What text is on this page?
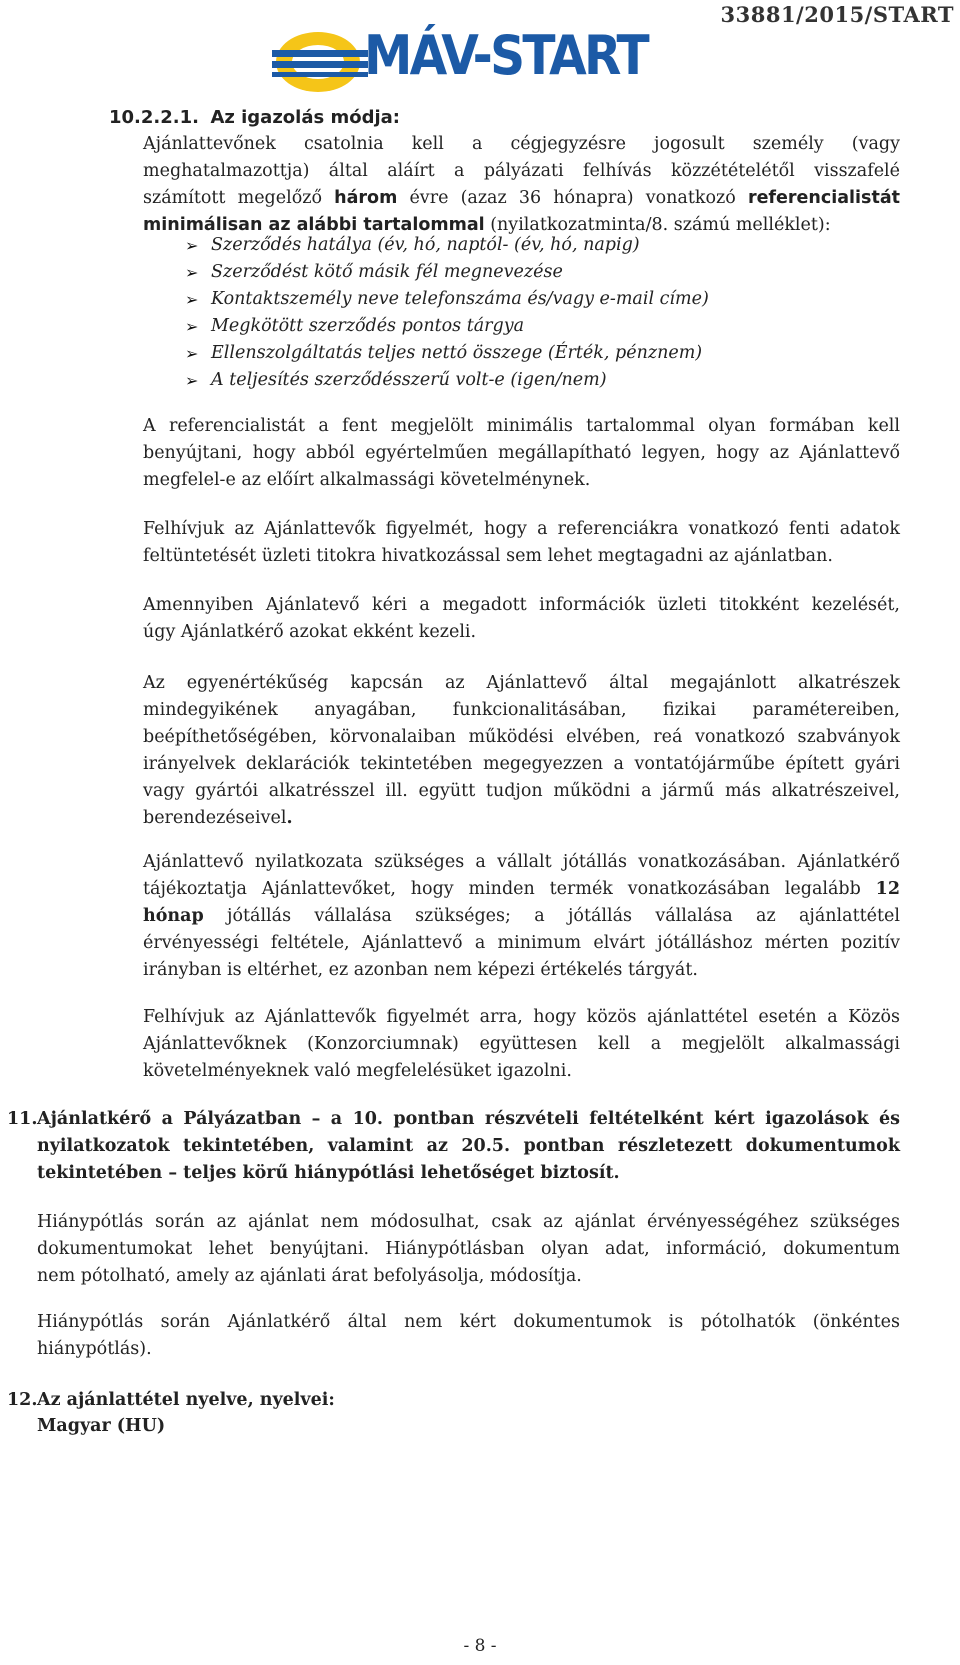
33881/2015/START
MÁV-START
10.2.2.1. Az igazolás módja:
Ajánlattevőnek csatolnia kell a cégjegyzésre jogosult személy (vagy
meghatalmazottja) által aláírt a pályázati felhívás közzétételétől visszafelé
számított megelőző három évre (azaz 36 hónapra) vonatkozó referencialistát
minimálisan az alábbi tartalommal (nyilatkozatminta/8. számú melléklet):
➢ Szerződés hatálya (év, hó, naptól- (év, hó, napig)
➢ Szerződést kötő másik fél megnevezése
➢ Kontaktszemély neve telefonszáma és/vagy e-mail címe)
➢ Megkötött szerződés pontos tárgya
➢ Ellenszolgáltatás teljes nettó összege (Érték, pénznem)
➢ A teljesítés szerződésszerű volt-e (igen/nem)
A referencialistát a fent megjelölt minimális tartalommal olyan formában kell
benyújtani, hogy abból egyértelműen megállapítható legyen, hogy az Ajánlattevő
megfelel-e az előírt alkalmassági követelménynek.
Felhívjuk az Ajánlattevők figyelmét, hogy a referenciákra vonatkozó fenti adatok
feltüntetését üzleti titokra hivatkozással sem lehet megtagadni az ajánlatban.
Amennyiben Ajánlatevő kéri a megadott információk üzleti titokként kezelését,
úgy Ajánlatkérő azokat ekként kezeli.
Az egyenértékűség kapcsán az Ajánlattevő által megajánlott alkatrészek
mindegyikének anyagában, funkcionalitásában, fizikai paramétereiben,
beépíthetőségében, körvonalaiban működési elvében, reá vonatkozó szabványok
irányelvek deklarációk tekintetében megegyezzen a vontatójárműbe épített gyári
vagy gyártói alkatrésszel ill. együtt tudjon működni a jármű más alkatrészeivel,
berendezéseivel.
Ajánlattevő nyilatkozata szükséges a vállalt jótállás vonatkozásában. Ajánlatkérő
tájékoztatja Ajánlattevőket, hogy minden termék vonatkozásában legalább 12
hónap jótállás vállalása szükséges; a jótállás vállalása az ajánlattétel
érvényességi feltétele, Ajánlattevő a minimum elvárt jótálláshoz mérten pozitív
irányban is eltérhet, ez azonban nem képezi értékelés tárgyát.
Felhívjuk az Ajánlattevők figyelmét arra, hogy közös ajánlattétel esetén a Közös
Ajánlattevőknek (Konzorciumnak) együttesen kell a megjelölt alkalmassági
követelményeknek való megfelelésüket igazolni.
11. Ajánlatkérő a Pályázatban – a 10. pontban részvételi feltételként kért igazolások és
nyilatkozatok tekintetében, valamint az 20.5. pontban részletezett dokumentumok
tekintetében – teljes körű hiánypótlási lehetőséget biztosít.
Hiánypótlás során az ajánlat nem módosulhat, csak az ajánlat érvényességéhez szükséges
dokumentumokat lehet benyújtani. Hiánypótlásban olyan adat, információ, dokumentum
nem pótolható, amely az ajánlati árat befolyásolja, módosítja.
Hiánypótlás során Ajánlatkérő által nem kért dokumentumok is pótolhatók (önkéntes
hiánypótlás).
12. Az ajánlattétel nyelve, nyelvei:
Magyar (HU)
- 8 -
